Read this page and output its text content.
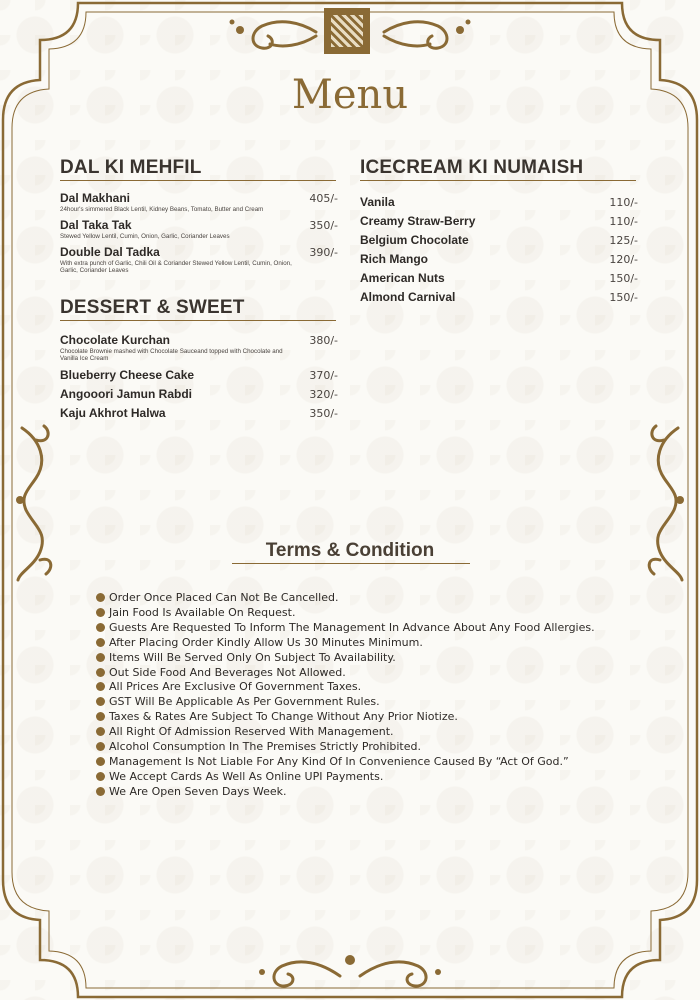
Menu
DAL KI MEHFIL
Dal Makhani
24hour's simmered Black Lentil, Kidney Beans, Tomato, Butter and Cream
405/-
Dal Taka Tak
Stewed Yellow Lentil, Cumin, Onion, Garlic, Coriander Leaves
350/-
Double Dal Tadka
With extra punch of Garlic, Chili Oil & Coriander Stewed Yellow Lentil, Cumin, Onion, Garlic, Coriander Leaves
390/-
DESSERT & SWEET
Chocolate Kurchan
Chocolate Brownie mashed with Chocolate Sauceand topped with Chocolate and Vanilla Ice Cream
380/-
Blueberry Cheese Cake	370/-
Angooori Jamun Rabdi	320/-
Kaju Akhrot Halwa	350/-
ICECREAM KI NUMAISH
Vanila	110/-
Creamy Straw-Berry	110/-
Belgium Chocolate	125/-
Rich Mango	120/-
American Nuts	150/-
Almond Carnival	150/-
Terms & Condition
Order Once Placed Can Not Be Cancelled.
Jain Food Is Available On Request.
Guests Are Requested To Inform The Management In Advance About Any Food Allergies.
After Placing Order Kindly Allow Us 30 Minutes Minimum.
Items Will Be Served Only On Subject To Availability.
Out Side Food And Beverages Not Allowed.
All Prices Are Exclusive Of Government Taxes.
GST Will Be Applicable As Per Government Rules.
Taxes & Rates Are Subject To Change Without Any Prior Niotize.
All Right Of Admission Reserved With Management.
Alcohol Consumption In The Premises Strictly Prohibited.
Management Is Not Liable For Any Kind Of In Convenience Caused By “Act Of God.”
We Accept Cards As Well As Online UPI Payments.
We Are Open Seven Days Week.
